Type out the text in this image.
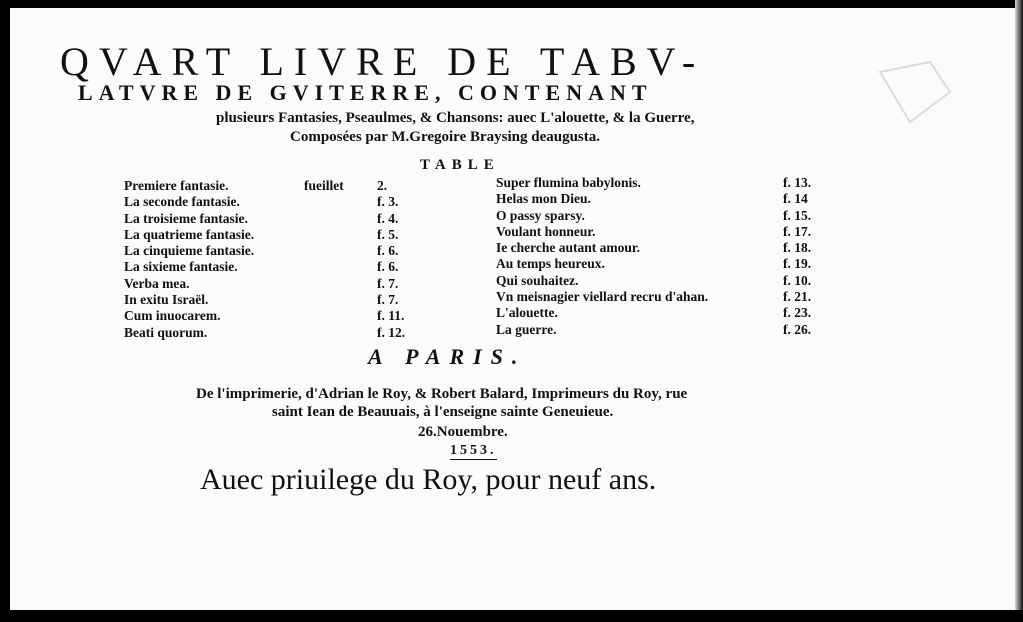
QVART LIVRE DE TABV-
LATVRE DE GVITERRE, CONTENANT
plusieurs Fantasies, Pseaulmes, & Chansons: auec L'alouette, & la Guerre,
Composées par M.Gregoire Braysing deaugusta.
TABLE
Premiere fantasie.	fueillet 2.
La seconde fantasie.	f. 3.
La troisieme fantasie.	f. 4.
La quatrieme fantasie.	f. 5.
La cinquieme fantasie.	f. 6.
La sixieme fantasie.	f. 6.
Verba mea.	f. 7.
In exitu Israël.	f. 7.
Cum inuocarem.	f. 11.
Beati quorum.	f. 12.
Super flumina babylonis.	f. 13.
Helas mon Dieu.	f. 14
O passy sparsy.	f. 15.
Voulant honneur.	f. 17.
Ie cherche autant amour.	f. 18.
Au temps heureux.	f. 19.
Qui souhaitez.	f. 10.
Vn meisnagier viellard recru d'ahan.	f. 21.
L'alouette.	f. 23.
La guerre.	f. 26.
A PARIS.
De l'imprimerie, d'Adrian le Roy, & Robert Balard, Imprimeurs du Roy, rue
saint Iean de Beauuais, à l'enseigne sainte Geneuieue.
26.Nouembre.
1553.
Auec priuilege du Roy, pour neuf ans.
